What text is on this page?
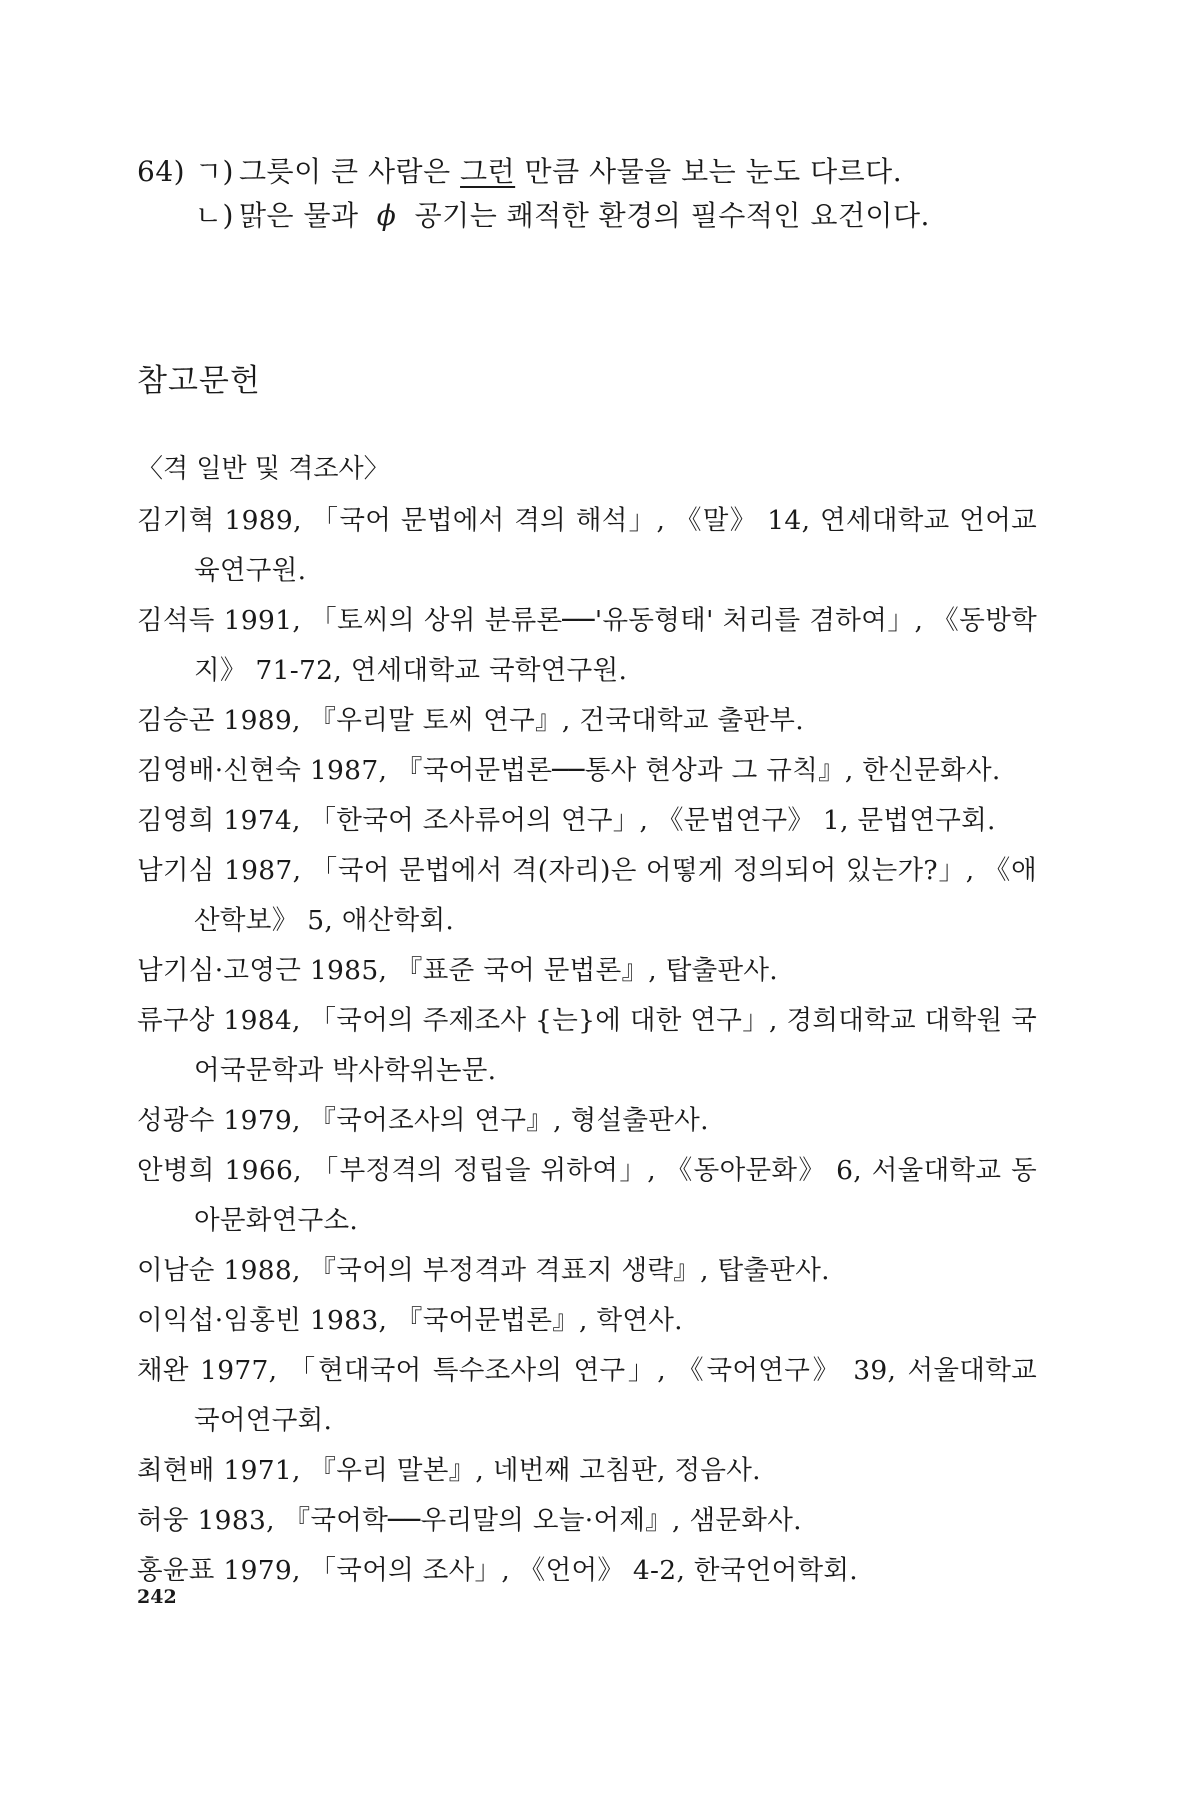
64) ㄱ) 그릇이 큰 사람은 그런 만큼 사물을 보는 눈도 다르다.
ㄴ) 맑은 물과 ϕ 공기는 쾌적한 환경의 필수적인 요건이다.
참고문헌
〈격 일반 및 격조사〉
김기혁 1989, 「국어 문법에서 격의 해석」, 《말》 14, 연세대학교 언어교육연구원.
김석득 1991, 「토씨의 상위 분류론──'유동형태' 처리를 겸하여」, 《동방학지》 71-72, 연세대학교 국학연구원.
김승곤 1989, 『우리말 토씨 연구』, 건국대학교 출판부.
김영배·신현숙 1987, 『국어문법론──통사 현상과 그 규칙』, 한신문화사.
김영희 1974, 「한국어 조사류어의 연구」, 《문법연구》 1, 문법연구회.
남기심 1987, 「국어 문법에서 격(자리)은 어떻게 정의되어 있는가?」, 《애산학보》 5, 애산학회.
남기심·고영근 1985, 『표준 국어 문법론』, 탑출판사.
류구상 1984, 「국어의 주제조사 {는}에 대한 연구」, 경희대학교 대학원 국어국문학과 박사학위논문.
성광수 1979, 『국어조사의 연구』, 형설출판사.
안병희 1966, 「부정격의 정립을 위하여」, 《동아문화》 6, 서울대학교 동아문화연구소.
이남순 1988, 『국어의 부정격과 격표지 생략』, 탑출판사.
이익섭·임홍빈 1983, 『국어문법론』, 학연사.
채완 1977, 「현대국어 특수조사의 연구」, 《국어연구》 39, 서울대학교 국어연구회.
최현배 1971, 『우리 말본』, 네번째 고침판, 정음사.
허웅 1983, 『국어학──우리말의 오늘·어제』, 샘문화사.
홍윤표 1979, 「국어의 조사」, 《언어》 4-2, 한국언어학회.
242
